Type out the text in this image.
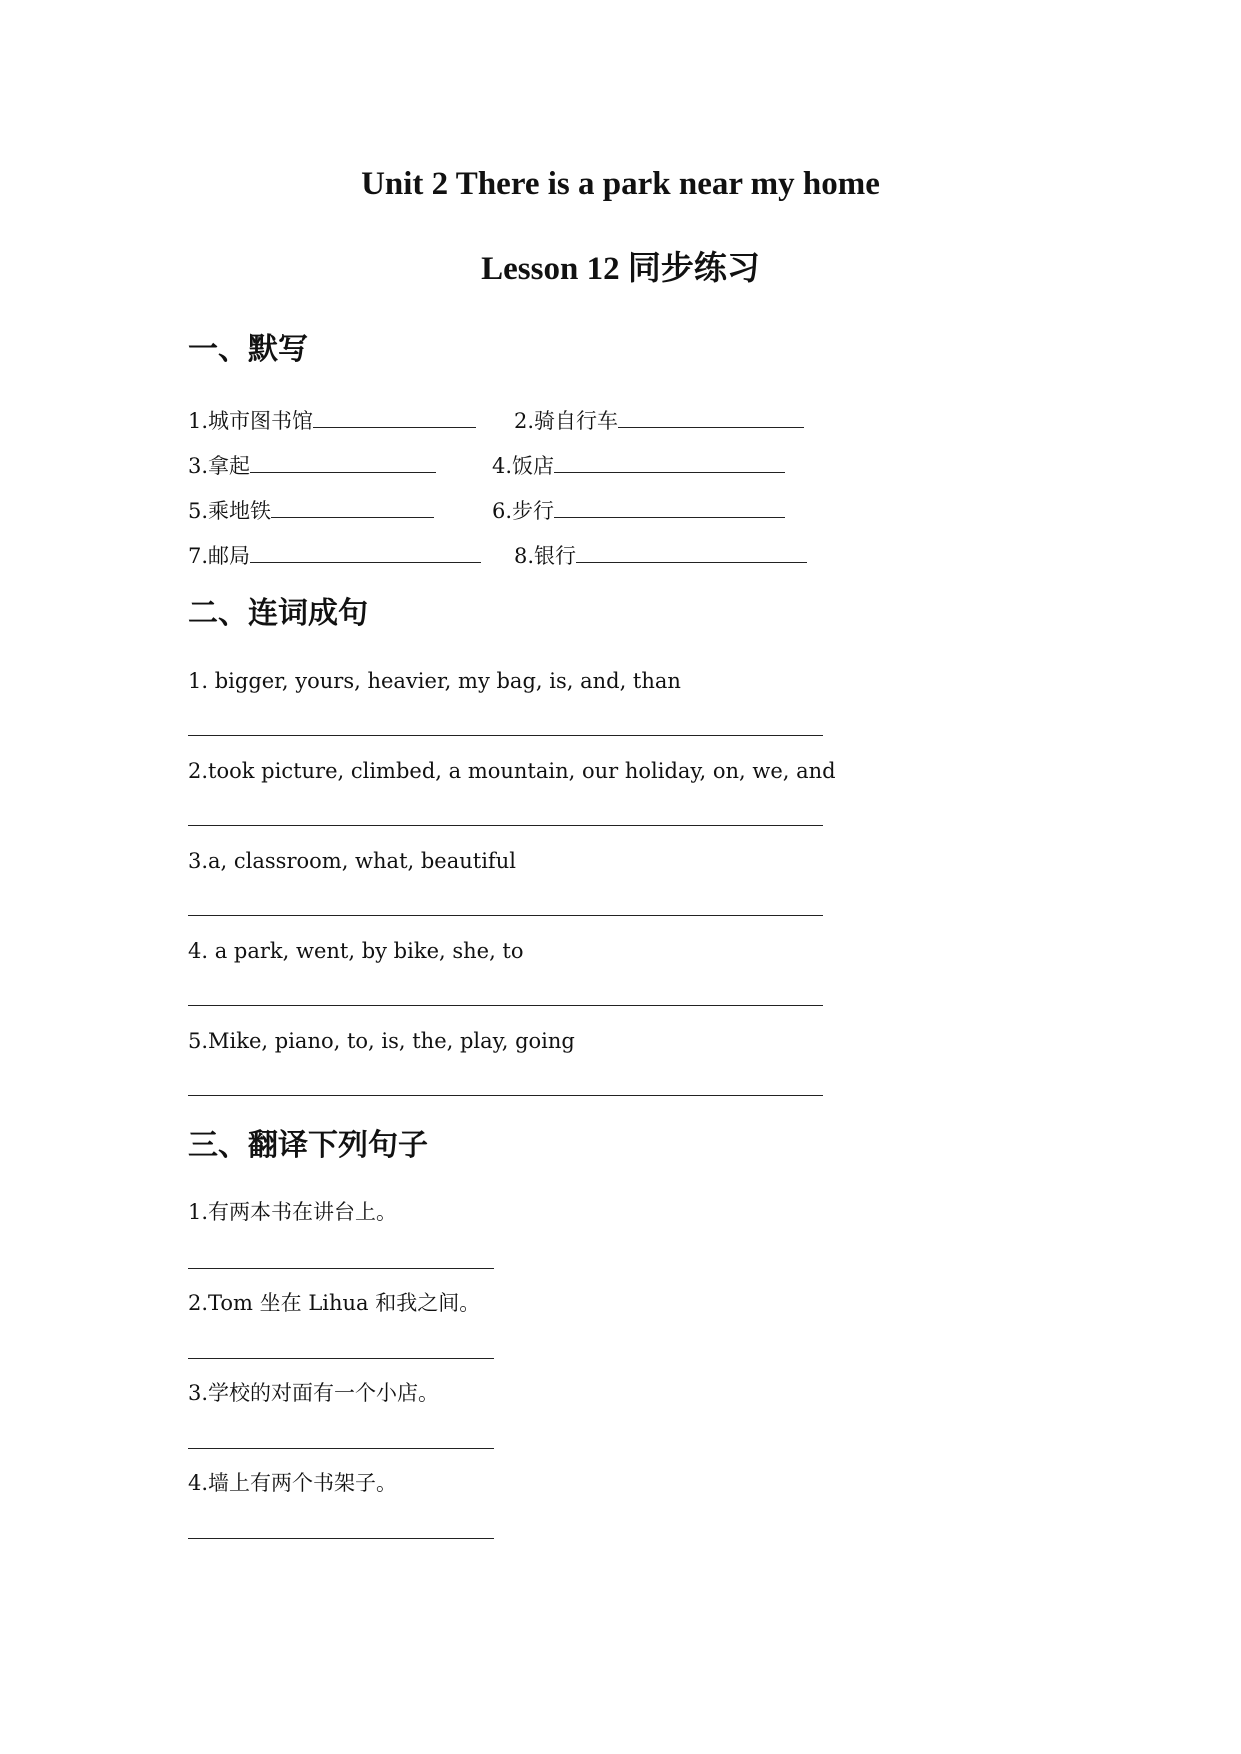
Unit 2 There is a park near my home
Lesson 12 同步练习
一、默写
1.城市图书馆	2.骑自行车
3.拿起	4.饭店
5.乘地铁	6.步行
7.邮局	8.银行
二、连词成句
1. bigger, yours, heavier, my bag, is, and, than
2.took picture, climbed, a mountain, our holiday, on, we, and
3.a, classroom, what, beautiful
4. a park, went, by bike, she, to
5.Mike, piano, to, is, the, play, going
三、翻译下列句子
1.有两本书在讲台上。
2.Tom 坐在 Lihua 和我之间。
3.学校的对面有一个小店。
4.墙上有两个书架子。
